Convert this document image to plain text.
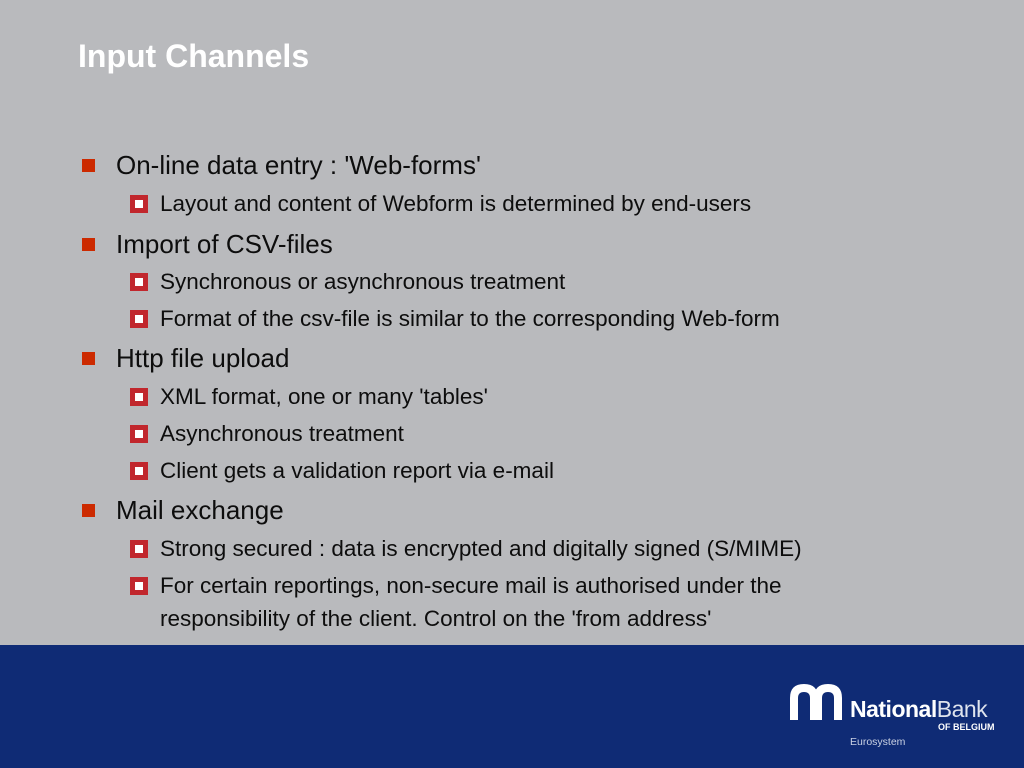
Input Channels
On-line data entry : 'Web-forms'
Layout and content of Webform is determined by end-users
Import of CSV-files
Synchronous or asynchronous treatment
Format of the csv-file is similar to the corresponding Web-form
Http file upload
XML format, one or many 'tables'
Asynchronous treatment
Client gets a validation report via e-mail
Mail exchange
Strong secured : data is encrypted and digitally signed (S/MIME)
For certain reportings, non-secure mail is authorised under the
responsibility of the client. Control on the 'from address'
NationalBank
OF BELGIUM
Eurosystem
